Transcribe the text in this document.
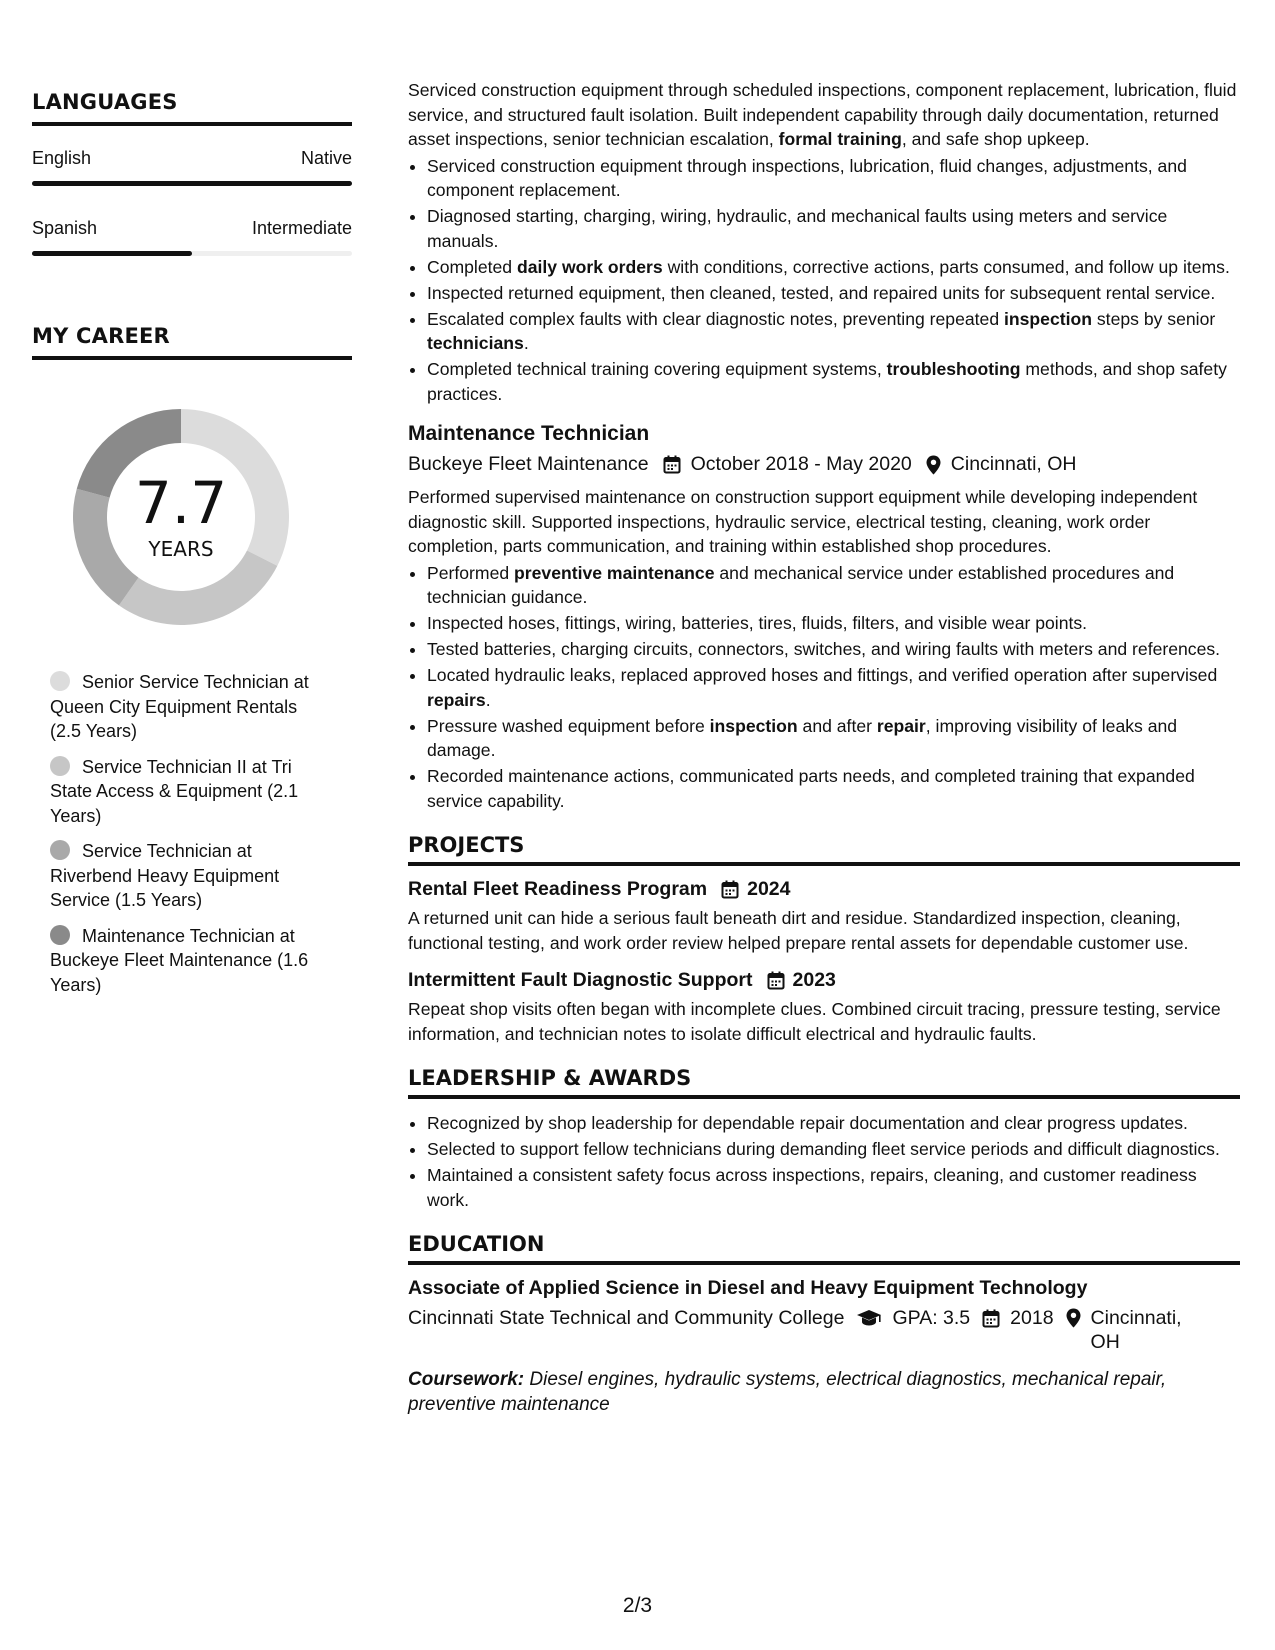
LANGUAGES
English	Native
Spanish	Intermediate
MY CAREER
7.7
YEARS
Senior Service Technician at Queen City Equipment Rentals (2.5 Years)
Service Technician II at Tri State Access & Equipment (2.1 Years)
Service Technician at Riverbend Heavy Equipment Service (1.5 Years)
Maintenance Technician at Buckeye Fleet Maintenance (1.6 Years)

Serviced construction equipment through scheduled inspections, component replacement, lubrication, fluid service, and structured fault isolation. Built independent capability through daily documentation, returned asset inspections, senior technician escalation, formal training, and safe shop upkeep.

• Serviced construction equipment through inspections, lubrication, fluid changes, adjustments, and component replacement.
• Diagnosed starting, charging, wiring, hydraulic, and mechanical faults using meters and service manuals.
• Completed daily work orders with conditions, corrective actions, parts consumed, and follow up items.
• Inspected returned equipment, then cleaned, tested, and repaired units for subsequent rental service.
• Escalated complex faults with clear diagnostic notes, preventing repeated inspection steps by senior technicians.
• Completed technical training covering equipment systems, troubleshooting methods, and shop safety practices.
Maintenance Technician
Buckeye Fleet Maintenance October 2018 - May 2020 Cincinnati, OH

Performed supervised maintenance on construction support equipment while developing independent diagnostic skill. Supported inspections, hydraulic service, electrical testing, cleaning, work order completion, parts communication, and training within established shop procedures.

• Performed preventive maintenance and mechanical service under established procedures and technician guidance.
• Inspected hoses, fittings, wiring, batteries, tires, fluids, filters, and visible wear points.
• Tested batteries, charging circuits, connectors, switches, and wiring faults with meters and references.
• Located hydraulic leaks, replaced approved hoses and fittings, and verified operation after supervised repairs.
• Pressure washed equipment before inspection and after repair, improving visibility of leaks and damage.
• Recorded maintenance actions, communicated parts needs, and completed training that expanded service capability.
PROJECTS
Rental Fleet Readiness Program 2024

A returned unit can hide a serious fault beneath dirt and residue. Standardized inspection, cleaning, functional testing, and work order review helped prepare rental assets for dependable customer use.

Intermittent Fault Diagnostic Support 2023

Repeat shop visits often began with incomplete clues. Combined circuit tracing, pressure testing, service information, and technician notes to isolate difficult electrical and hydraulic faults.

LEADERSHIP & AWARDS
• Recognized by shop leadership for dependable repair documentation and clear progress updates.
• Selected to support fellow technicians during demanding fleet service periods and difficult diagnostics.
• Maintained a consistent safety focus across inspections, repairs, cleaning, and customer readiness work.
EDUCATION
Associate of Applied Science in Diesel and Heavy Equipment Technology
Cincinnati State Technical and Community College GPA: 3.5 2018 Cincinnati, OH
Coursework: Diesel engines, hydraulic systems, electrical diagnostics, mechanical repair, preventive maintenance
2/3
